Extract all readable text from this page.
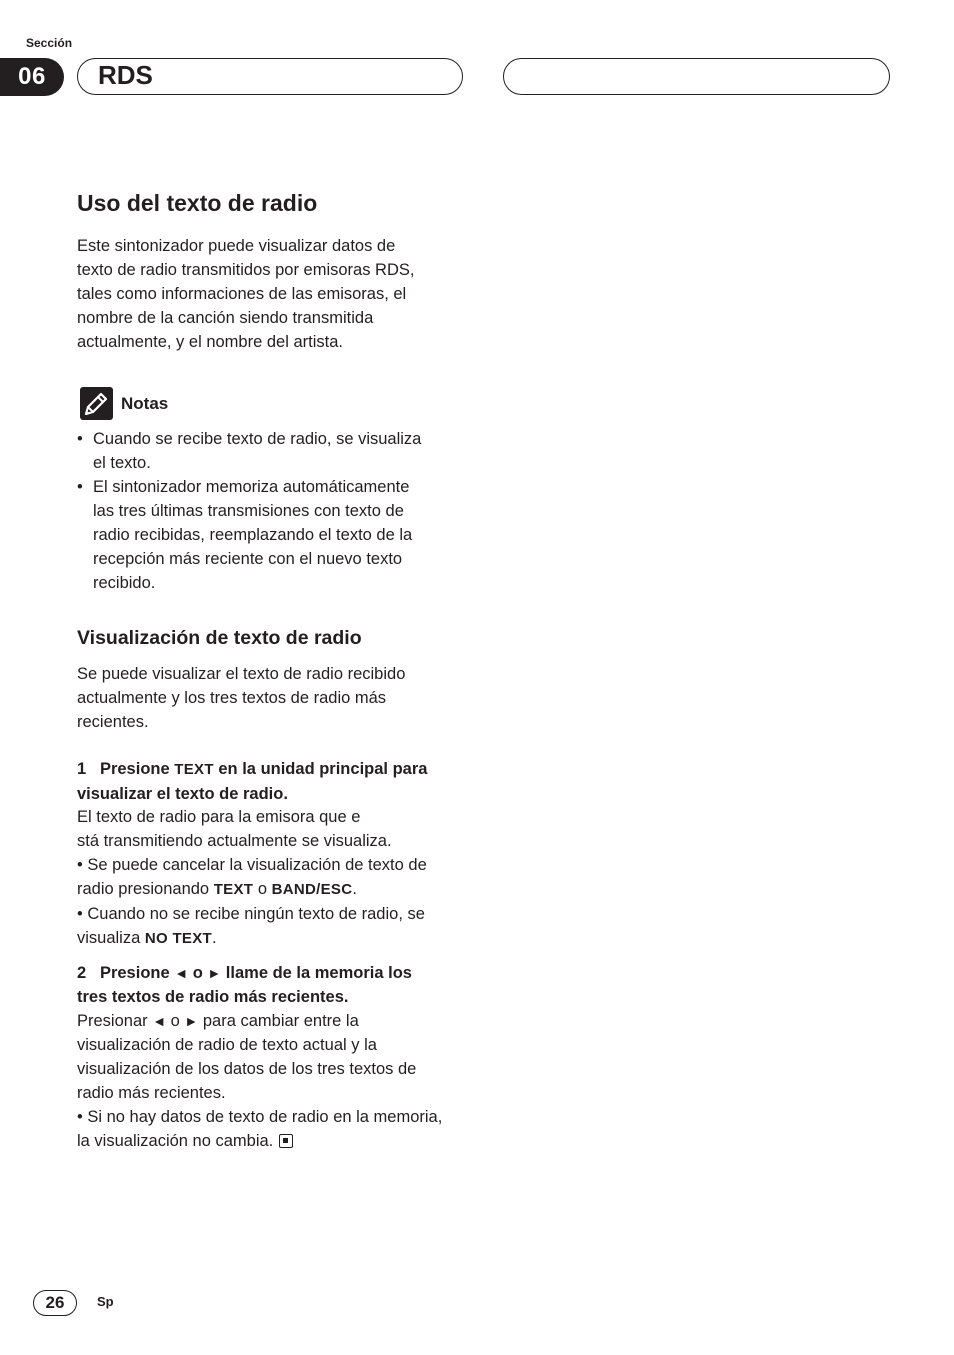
Sección
06	RDS
Uso del texto de radio
Este sintonizador puede visualizar datos de
texto de radio transmitidos por emisoras RDS,
tales como informaciones de las emisoras, el
nombre de la canción siendo transmitida
actualmente, y el nombre del artista.
Notas
• Cuando se recibe texto de radio, se visualiza
el texto.
• El sintonizador memoriza automáticamente
las tres últimas transmisiones con texto de
radio recibidas, reemplazando el texto de la
recepción más reciente con el nuevo texto
recibido.
Visualización de texto de radio
Se puede visualizar el texto de radio recibido
actualmente y los tres textos de radio más
recientes.
1 Presione TEXT en la unidad principal para
visualizar el texto de radio.
El texto de radio para la emisora que e
stá transmitiendo actualmente se visualiza.
• Se puede cancelar la visualización de texto de
radio presionando TEXT o BAND/ESC.
• Cuando no se recibe ningún texto de radio, se
visualiza NO TEXT.
2 Presione ◄ o ► llame de la memoria los
tres textos de radio más recientes.
Presionar ◄ o ► para cambiar entre la
visualización de radio de texto actual y la
visualización de los datos de los tres textos de
radio más recientes.
• Si no hay datos de texto de radio en la memoria,
la visualización no cambia.
26	Sp
